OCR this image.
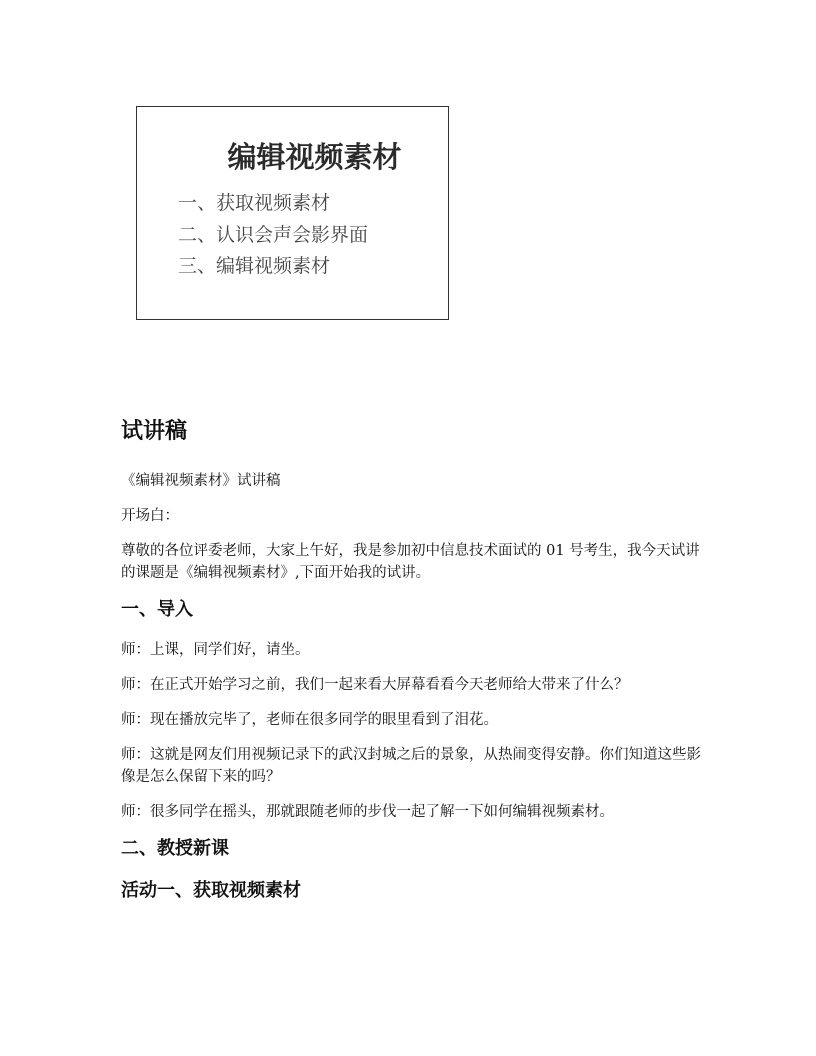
编辑视频素材
一、获取视频素材
二、认识会声会影界面
三、编辑视频素材
试讲稿

《编辑视频素材》试讲稿

开场白：

尊敬的各位评委老师，大家上午好，我是参加初中信息技术面试的 01 号考生，我今天试讲的课题是《编辑视频素材》,下面开始我的试讲。

一、导入

师：上课，同学们好，请坐。

师：在正式开始学习之前，我们一起来看大屏幕看看今天老师给大带来了什么？

师：现在播放完毕了，老师在很多同学的眼里看到了泪花。

师：这就是网友们用视频记录下的武汉封城之后的景象，从热闹变得安静。你们知道这些影像是怎么保留下来的吗？

师：很多同学在摇头，那就跟随老师的步伐一起了解一下如何编辑视频素材。

二、教授新课
活动一、获取视频素材
